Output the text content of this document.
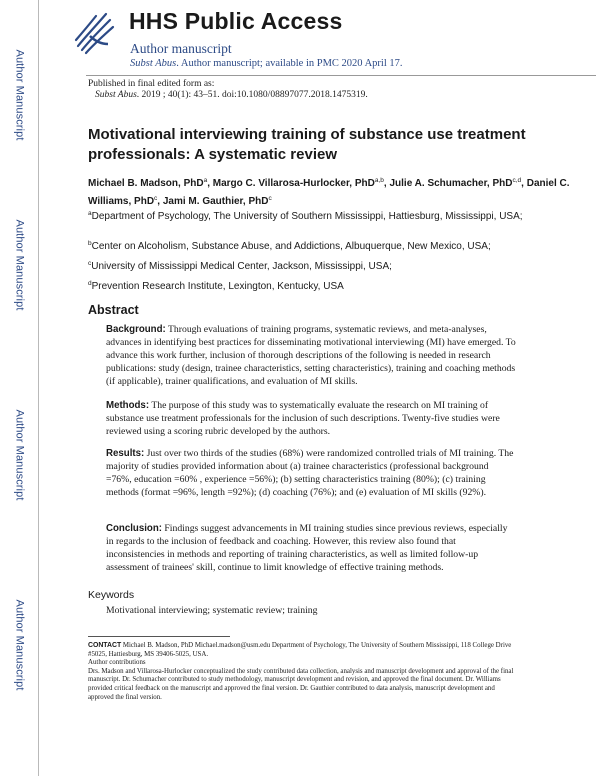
Author Manuscript
Author Manuscript
Author Manuscript
Author Manuscript
HHS Public Access
Author manuscript
Subst Abus. Author manuscript; available in PMC 2020 April 17.
Published in final edited form as:
Subst Abus. 2019 ; 40(1): 43–51. doi:10.1080/08897077.2018.1475319.
Motivational interviewing training of substance use treatment professionals: A systematic review
Michael B. Madson, PhD$^a$, Margo C. Villarosa-Hurlocker, PhD$^{a,b}$, Julie A. Schumacher, PhD$^{c,d}$, Daniel C. Williams, PhD$^c$, Jami M. Gauthier, PhD$^c$
$^a$Department of Psychology, The University of Southern Mississippi, Hattiesburg, Mississippi, USA;
$^b$Center on Alcoholism, Substance Abuse, and Addictions, Albuquerque, New Mexico, USA;
$^c$University of Mississippi Medical Center, Jackson, Mississippi, USA;
$^d$Prevention Research Institute, Lexington, Kentucky, USA
Abstract
Background: Through evaluations of training programs, systematic reviews, and meta-analyses, advances in identifying best practices for disseminating motivational interviewing (MI) have emerged. To advance this work further, inclusion of thorough descriptions of the following is needed in research publications: study (design, trainee characteristics, setting characteristics), training and coaching methods (if applicable), trainer qualifications, and evaluation of MI skills.
Methods: The purpose of this study was to systematically evaluate the research on MI training of substance use treatment professionals for the inclusion of such descriptions. Twenty-five studies were reviewed using a scoring rubric developed by the authors.
Results: Just over two thirds of the studies (68%) were randomized controlled trials of MI training. The majority of studies provided information about (a) trainee characteristics (professional background =76%, education =60% , experience =56%); (b) setting characteristics training (80%); (c) training methods (format =96%, length =92%); (d) coaching (76%); and (e) evaluation of MI skills (92%).
Conclusion: Findings suggest advancements in MI training studies since previous reviews, especially in regards to the inclusion of feedback and coaching. However, this review also found that inconsistencies in methods and reporting of training characteristics, as well as limited follow-up assessment of trainees' skill, continue to limit knowledge of effective training methods.
Keywords
Motivational interviewing; systematic review; training
CONTACT Michael B. Madson, PhD Michael.madson@usm.edu Department of Psychology, The University of Southern Mississippi, 118 College Drive #5025, Hattiesburg, MS 39406-5025, USA.
Author contributions
Drs. Madson and Villarosa-Hurlocker conceptualized the study contributed data collection, analysis and manuscript development and approval of the final manuscript. Dr. Schumacher contributed to study methodology, manuscript development and revision, and approved the final document. Dr. Williams provided critical feedback on the manuscript and approved the final version. Dr. Gauthier contributed to data analysis, manuscript development and approved the final version.
